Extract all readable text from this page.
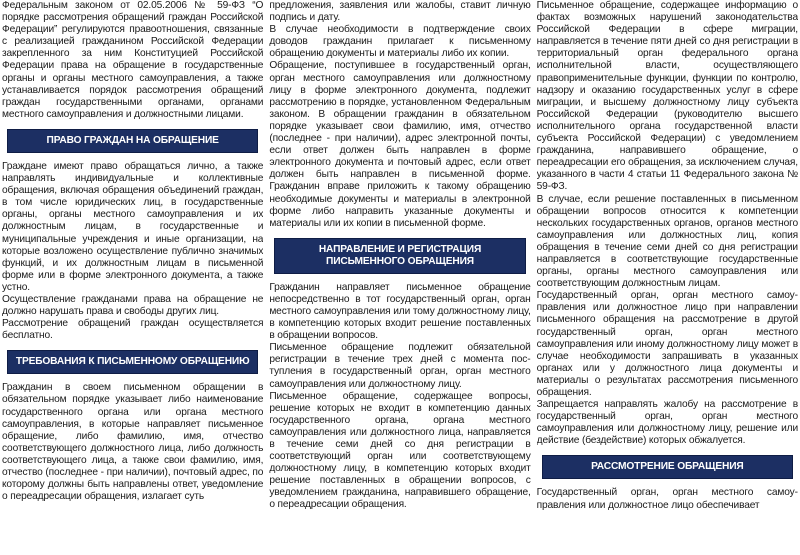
Федеральным законом от 02.05.2006 № 59-ФЗ “О порядке рассмотрения обращений граждан Российской Федерации” регулируются правоотношения, связанные с реализацией гражданином Российской Федерации закрепленного за ним Конституцией Российской Федерации права на обращение в государственные органы и органы местного самоуправления, а также устанавливается порядок рассмотрения обращений граждан государственными органами, органами местного самоуправления и должностными лицами.

ПРАВО ГРАЖДАН НА ОБРАЩЕНИЕ

Граждане имеют право обращаться лично, а также направлять индивидуальные и коллективные обращения, включая обращения объединений граждан, в том числе юридических лиц, в государственные органы, органы местного самоуправления и их должностным лицам, в государственные и муниципальные учреждения и иные организации, на которые возложено осуществление публично значимых функций, и их должностным лицам в письменной форме или в форме электронного документа, а также устно.

Осуществление гражданами права на обращение не должно нарушать права и свободы других лиц.

Рассмотрение обращений граждан осуществляется бесплатно.

ТРЕБОВАНИЯ К ПИСЬМЕННОМУ ОБРАЩЕНИЮ

Гражданин в своем письменном обращении в обязательном порядке указывает либо наименование государственного органа или органа местного самоуправления, в которые направляет письменное обращение, либо фамилию, имя, отчество соответствующего должностного лица, либо должность соответствующего лица, а также свои фамилию, имя, отчество (последнее - при наличии), почтовый адрес, по которому должны быть направлены ответ, уведомление о переадресации обращения, излагает суть

предложения, заявления или жалобы, ставит личную подпись и дату.

В случае необходимости в подтверждение своих доводов гражданин прилагает к письменному обращению документы и материалы либо их копии.

Обращение, поступившее в государственный орган, орган местного самоуправления или должностному лицу в форме электронного документа, подлежит рассмотрению в порядке, установленном Федеральным законом. В обращении гражданин в обязательном порядке указывает свои фамилию, имя, отчество (последнее - при наличии), адрес электронной почты, если ответ должен быть направлен в форме электронного документа и почтовый адрес, если ответ должен быть направлен в письменной форме. Гражданин вправе приложить к такому обращению необходимые документы и материалы в электронной форме либо направить указанные документы и материалы или их копии в письменной форме.

НАПРАВЛЕНИЕ И РЕГИСТРАЦИЯ ПИСЬМЕННОГО ОБРАЩЕНИЯ

Гражданин направляет письменное обращение непосредственно в тот государственный орган, орган местного самоуправления или тому должностному лицу, в компетенцию которых входит решение поставленных в обращении вопросов.

Письменное обращение подлежит обязательной регистрации в течение трех дней с момента поступления в государственный орган, орган местного самоуправления или должностному лицу.

Письменное обращение, содержащее вопросы, решение которых не входит в компетенцию данных государственного органа, органа местного самоуправления или должностного лица, направляется в течение семи дней со дня регистрации в соответствующий орган или соответствующему должностному лицу, в компетенцию которых входит решение поставленных в обращении вопросов, с уведомлением гражданина, направившего обращение, о переадресации обращения.

Письменное обращение, содержащее информацию о фактах возможных нарушений законодательства Российской Федерации в сфере миграции, направляется в течение пяти дней со дня регистрации в территориальный орган федерального органа исполнительной власти, осуществляющего правоприменительные функции, функции по контролю, надзору и оказанию государственных услуг в сфере миграции, и высшему должностному лицу субъекта Российской Федерации (руководителю высшего исполнительного органа государственной власти субъекта Российской Федерации) с уведомлением гражданина, направившего обращение, о переадресации его обращения, за исключением случая, указанного в части 4 статьи 11 Федерального закона № 59-ФЗ.

В случае, если решение поставленных в письменном обращении вопросов относится к компетенции нескольких государственных органов, органов местного самоуправления или должностных лиц, копия обращения в течение семи дней со дня регистрации направляется в соответствующие государственные органы, органы местного самоуправления или соответствующим должностным лицам.

Государственный орган, орган местного самоуправления или должностное лицо при направлении письменного обращения на рассмотрение в другой государственный орган, орган местного самоуправления или иному должностному лицу может в случае необходимости запрашивать в указанных органах или у должностного лица документы и материалы о результатах рассмотрения письменного обращения.

Запрещается направлять жалобу на рассмотрение в государственный орган, орган местного самоуправления или должностному лицу, решение или действие (бездействие) которых обжалуется.

РАССМОТРЕНИЕ ОБРАЩЕНИЯ

Государственный орган, орган местного самоуправления или должностное лицо обеспечивает
